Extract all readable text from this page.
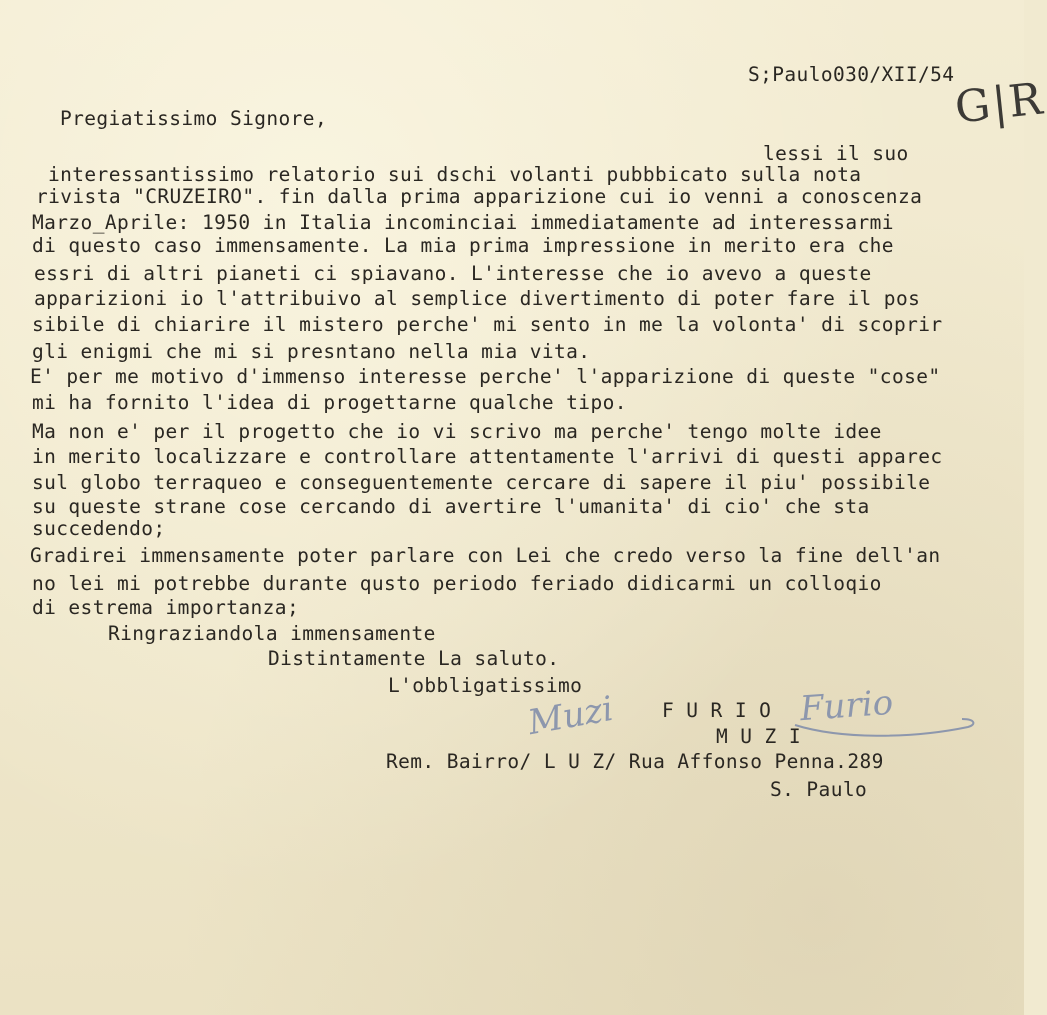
S;Paulo030/XII/54
G|R
Pregiatissimo Signore,
lessi il suo
interessantissimo relatorio sui dschi volanti pubbbicato sulla nota
rivista "CRUZEIRO". fin dalla prima apparizione cui io venni a conoscenza
Marzo_Aprile: 1950 in Italia incominciai immediatamente ad interessarmi
di questo caso immensamente. La mia prima impressione in merito era che
essri di altri pianeti ci spiavano. L'interesse che io avevo a queste
apparizioni io l'attribuivo al semplice divertimento di poter fare il pos
sibile di chiarire il mistero perche' mi sento in me la volonta' di scoprir
gli enigmi che mi si presntano nella mia vita.
E' per me motivo d'immenso interesse perche' l'apparizione di queste "cose"
mi ha fornito l'idea di progettarne qualche tipo.
Ma non e' per il progetto che io vi scrivo ma perche' tengo molte idee
in merito localizzare e controllare attentamente l'arrivi di questi apparec
sul globo terraqueo e conseguentemente cercare di sapere il piu' possibile
su queste strane cose cercando di avertire l'umanita' di cio' che sta
succedendo;
Gradirei immensamente poter parlare con Lei che credo verso la fine dell'an
no lei mi potrebbe durante qusto periodo feriado didicarmi un colloqio
di estrema importanza;
Ringraziandola immensamente
Distintamente La saluto.
L'obbligatissimo
Muzi F U R I O Furio
M U Z I
Rem. Bairro/ L U Z/ Rua Affonso Penna.289
S. Paulo
